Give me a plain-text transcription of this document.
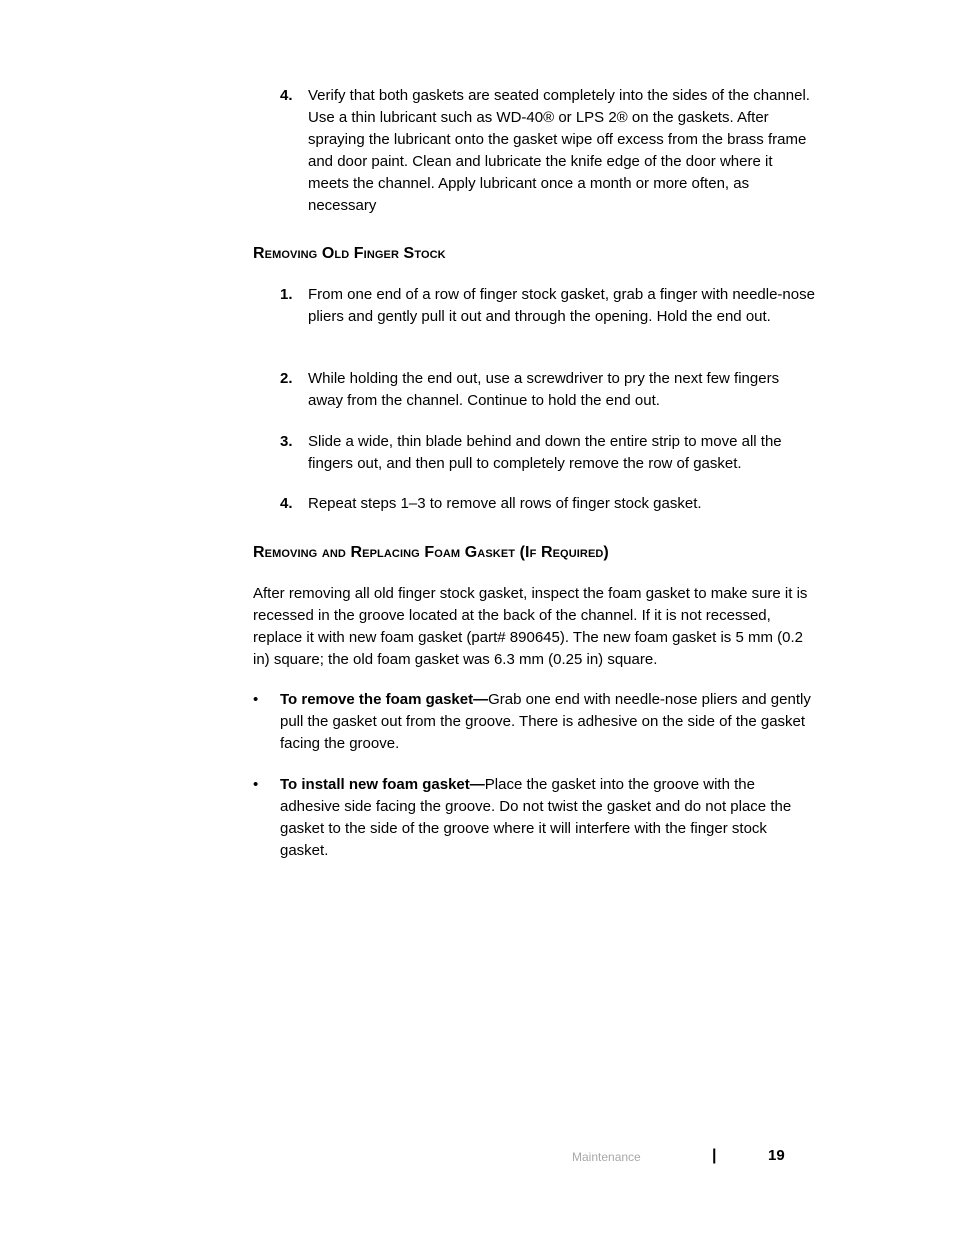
4. Verify that both gaskets are seated completely into the sides of the channel. Use a thin lubricant such as WD-40® or LPS 2® on the gaskets. After spraying the lubricant onto the gasket wipe off excess from the brass frame and door paint. Clean and lubricate the knife edge of the door where it meets the channel. Apply lubricant once a month or more often, as necessary
Removing Old Finger Stock
1. From one end of a row of finger stock gasket, grab a finger with needle-nose pliers and gently pull it out and through the opening. Hold the end out.
2. While holding the end out, use a screwdriver to pry the next few fingers away from the channel. Continue to hold the end out.
3. Slide a wide, thin blade behind and down the entire strip to move all the fingers out, and then pull to completely remove the row of gasket.
4. Repeat steps 1–3 to remove all rows of finger stock gasket.
Removing and Replacing Foam Gasket (If Required)
After removing all old finger stock gasket, inspect the foam gasket to make sure it is recessed in the groove located at the back of the channel. If it is not recessed, replace it with new foam gasket (part# 890645). The new foam gasket is 5 mm (0.2 in) square; the old foam gasket was 6.3 mm (0.25 in) square.
• To remove the foam gasket—Grab one end with needle-nose pliers and gently pull the gasket out from the groove. There is adhesive on the side of the gasket facing the groove.
• To install new foam gasket—Place the gasket into the groove with the adhesive side facing the groove. Do not twist the gasket and do not place the gasket to the side of the groove where it will interfere with the finger stock gasket.
Maintenance	|	19
